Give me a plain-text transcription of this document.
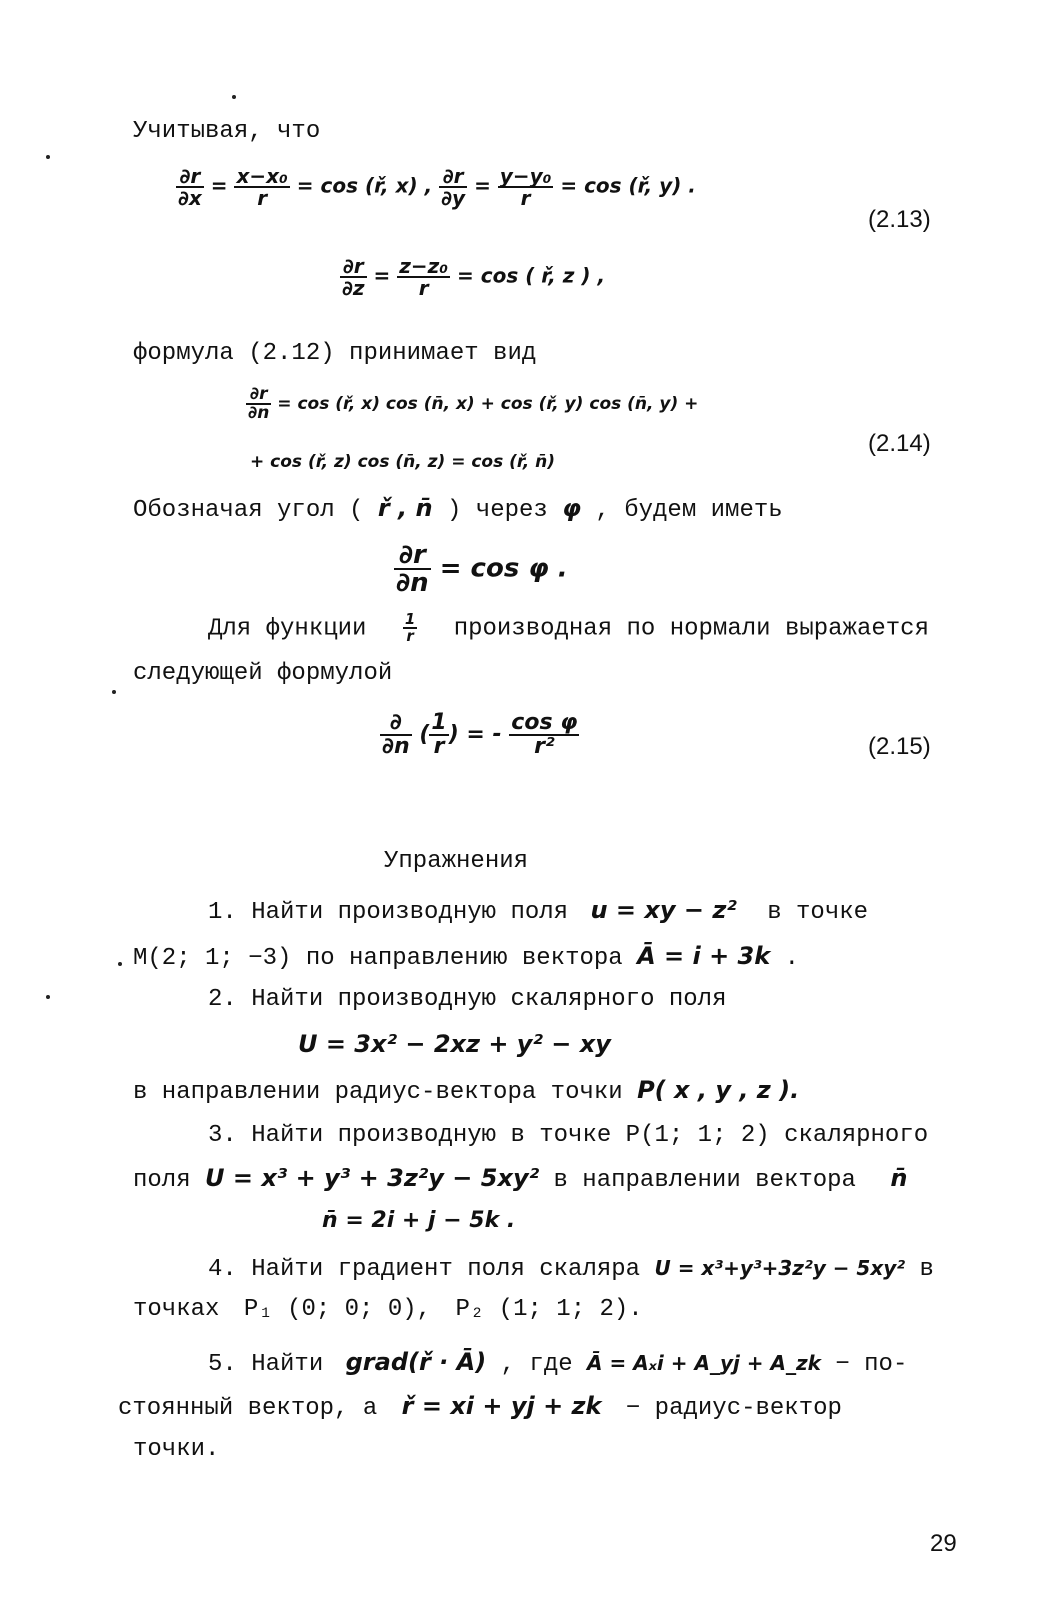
Учитывая, что
$\frac{\partial r}{\partial x} = \frac{\text{x−x₀}}{r} = \cos$ (ř, x) , $\frac{\partial r}{\partial y} = \frac{\text{y−y₀}}{r} = \cos$ (ř, y) .
(2.13)
$\frac{\partial r}{\partial z} = \frac{\text{z−z₀}}{r} = \cos$ ( ř, z ) ,
формула (2.12) принимает вид
$\frac{\partial r}{\partial n} = \cos$ (ř, x) cos (n̄, x) + cos (ř, y) cos (n̄, y) +
+ cos (ř, z) cos (n̄, z) = cos (ř, n̄)
(2.14)
Обозначая угол ( ř , n̄ ) через φ , будем иметь
$\frac{\partial r}{\partial n} = \cos \varphi$ .
Для функции $\frac{1}{r}$ производная по нормали выражается
следующей формулой
∂
∂n ( $\frac{1}{r}$ ) = - $\frac{\text{cos φ}}{\text{r²}}$	(2.15)
Упражнения
1. Найти производную поля u = xy − z² в точке
M(2; 1; −3) по направлению вектора Ā = i + 3k .
2. Найти производную скалярного поля
U = 3x² − 2xz + y² − xy
в направлении радиус-вектора точки P( x , y , z ).
3. Найти производную в точке P(1; 1; 2) скалярного
поля U = x³ + y³ + 3z²y − 5xy² в направлении вектора n̄
n̄ = 2i + j − 5k .
4. Найти градиент поля скаляра U = x³+y³+3z²y − 5xy² в
точках P₁ (0; 0; 0), P₂ (1; 1; 2).
5. Найти grad(ř · Ā) , где Ā = Aₓi + A_yj + A_zk − по-
стоянный вектор, а ř = xi + yj + zk − радиус-вектор
точки.
29
